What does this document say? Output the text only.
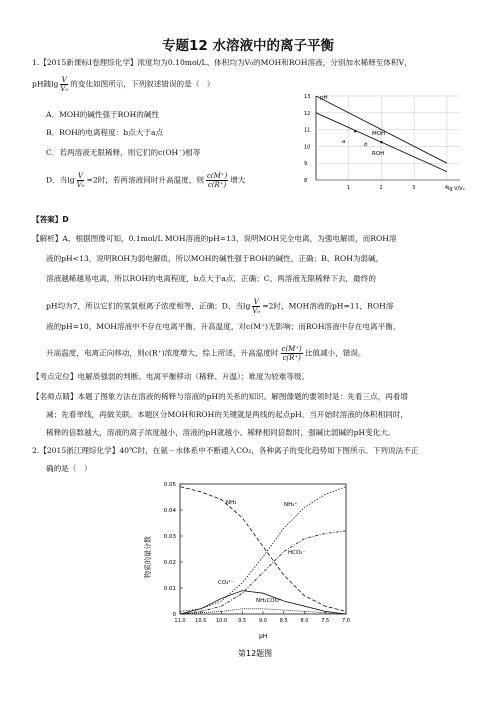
专题12 水溶液中的离子平衡
1.【2015新课标Ⅰ卷理综化学】浓度均为0.10mol/L、体积均为V₀的MOH和ROH溶液，分别加水稀释至体积V，
pH随$\lg \frac{V}{\text{V₀}}$ 的变化如图所示，下列叙述错误的是（　）
A．MOH的碱性强于ROH的碱性
B．ROH的电离程度：b点大于a点
C．若两溶液无限稀释，则它们的c(OH⁻)相等
D．当$\lg \frac{V}{\text{V₀}} =2$时，若两溶液同时升高温度，则 $\frac{c(M^+)}{c(R^+)}$ 增大
pH
lg V/V₀
13
12
11
10
9
8
1	2	3	4
MOH
ROH
a	b
【答案】D
【解析】A、根据图像可知，0.1mol/L MOH溶液的pH=13，说明MOH完全电离，为强电解质，而ROH溶
液的pH<13，说明ROH为弱电解质，所以MOH的碱性强于ROH的碱性，正确；B、ROH为弱碱，
溶液越稀越易电离，所以ROH的电离程度，b点大于a点，正确；C、两溶液无限稀释下去，最终的
pH均为7，所以它们的氢氧根离子浓度相等，正确；D、当$\lg \frac{V}{\text{V₀}} =2$时，MOH溶液的pH=11，ROH溶
液的pH=10，MOH溶液中不存在电离平衡，升高温度，对c(M⁺)无影响；而ROH溶液中存在电离平衡，
升高温度，电离正向移动，则c(R⁺)浓度增大，综上所述，升高温度时 $\frac{c(M^+)}{c(R^+)}$ 比值减小，错误。
【考点定位】电解质强弱的判断、电离平衡移动（稀释、升温）；难度为较难等级。
【名师点睛】本题了图象方法在溶液的稀释与溶液的pH的关系的知识。解图像题的要领时是：先看三点，再看增
减；先看单线，再做关联。本题区分MOH和ROH的关键就是两线的起点pH。当开始时溶液的体积相同时，
稀释的倍数越大，溶液的离子浓度越小，溶液的pH就越小。稀释相同倍数时，强碱比弱碱的pH变化大。
2.【2015浙江理综化学】40℃时，在氨－水体系中不断通入CO₂，各种离子的变化趋势如下图所示。下列说法不正
确的是（　）
物质的量分数
pH
0.05
0.04
0.03
0.02
0.01
0
11.0 10.5 10.0 9.5	9.0	8.5	8.0	7.5	7.0
NH₃	NH₄⁺
HCO₃⁻
CO₃²⁻
NH₂COO⁻
第12题图
